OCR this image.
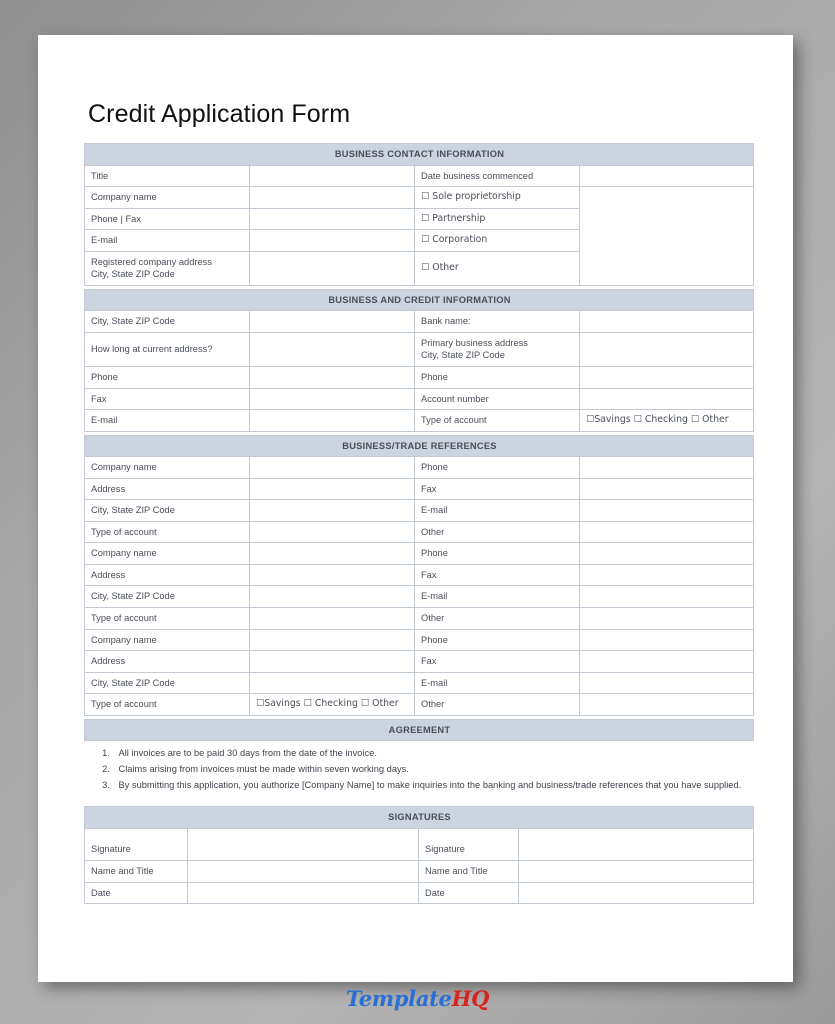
Credit Application Form
BUSINESS CONTACT INFORMATION			
Title		Date business commenced	
Company name		☐ Sole proprietorship	
Phone | Fax		☐ Partnership	
E-mail		☐ Corporation	
Registered company address
City, State ZIP Code		☐ Other	
BUSINESS AND CREDIT INFORMATION			
City, State ZIP Code		Bank name:	
How long at current address?		Primary business address
City, State ZIP Code	

Phone		Phone	
Fax		Account number	
E-mail		Type of account	☐Savings ☐ Checking ☐ Other
BUSINESS/TRADE REFERENCES			
Company name		Phone	
Address		Fax	
City, State ZIP Code		E-mail	
Type of account		Other	
Company name		Phone	
Address		Fax	
City, State ZIP Code		E-mail	
Type of account		Other	
Company name		Phone	
Address		Fax	
City, State ZIP Code		E-mail	
Type of account	☐Savings ☐ Checking ☐ Other	Other	
AGREEMENT

1. All invoices are to be paid 30 days from the date of the invoice.
2. Claims arising from invoices must be made within seven working days.
3. By submitting this application, you authorize [Company Name] to make inquiries into the banking and business/trade references that you have supplied.
SIGNATURES			
Signature		Signature	
Name and Title		Name and Title	
Date		Date	
TemplateHQ
